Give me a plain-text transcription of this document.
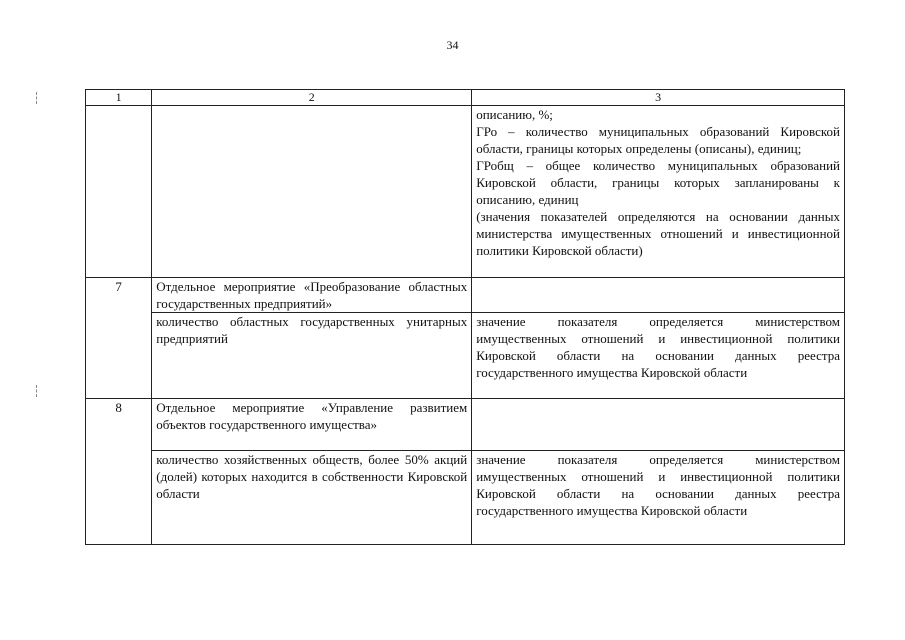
34
1	2	3

		описанию, %;
ГРо – количество муниципальных образований Кировской области, границы которых определены (описаны), единиц;
ГРобщ – общее количество муниципальных образований Кировской области, границы которых запланированы к описанию, единиц
(значения показателей определяются на основании данных министерства имущественных отношений и инвестиционной политики Кировской области)

7	Отдельное мероприятие «Преобразование областных государственных предприятий»	
	количество областных государственных унитарных предприятий	значение показателя определяется министерством имущественных отношений и инвестиционной политики Кировской области на основании данных реестра государственного имущества Кировской области
8	Отдельное мероприятие «Управление развитием объектов государственного имущества»	
	количество хозяйственных обществ, более 50% акций (долей) которых находится в собственности Кировской области	значение показателя определяется министерством имущественных отношений и инвестиционной политики Кировской области на основании данных реестра государственного имущества Кировской области
